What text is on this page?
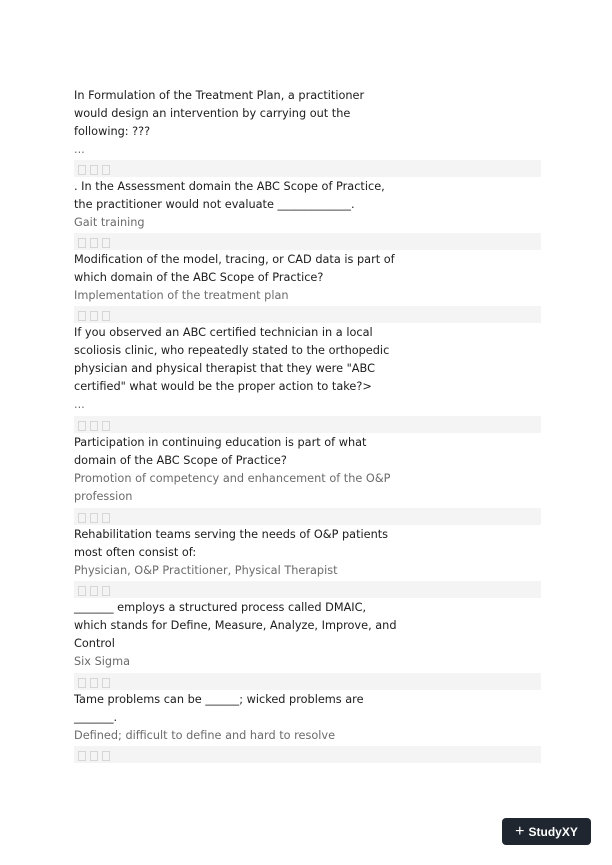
In Formulation of the Treatment Plan, a practitioner

would design an intervention by carrying out the

following: ???

...

. In the Assessment domain the ABC Scope of Practice,

the practitioner would not evaluate _____________.

Gait training

Modification of the model, tracing, or CAD data is part of

which domain of the ABC Scope of Practice?

Implementation of the treatment plan

If you observed an ABC certified technician in a local

scoliosis clinic, who repeatedly stated to the orthopedic

physician and physical therapist that they were "ABC

certified" what would be the proper action to take?>

...

Participation in continuing education is part of what

domain of the ABC Scope of Practice?

Promotion of competency and enhancement of the O&P

profession

Rehabilitation teams serving the needs of O&P patients

most often consist of:

Physician, O&P Practitioner, Physical Therapist

_______ employs a structured process called DMAIC,

which stands for Define, Measure, Analyze, Improve, and

Control

Six Sigma

Tame problems can be ______; wicked problems are

_______.

Defined; difficult to define and hard to resolve

+ StudyXY
